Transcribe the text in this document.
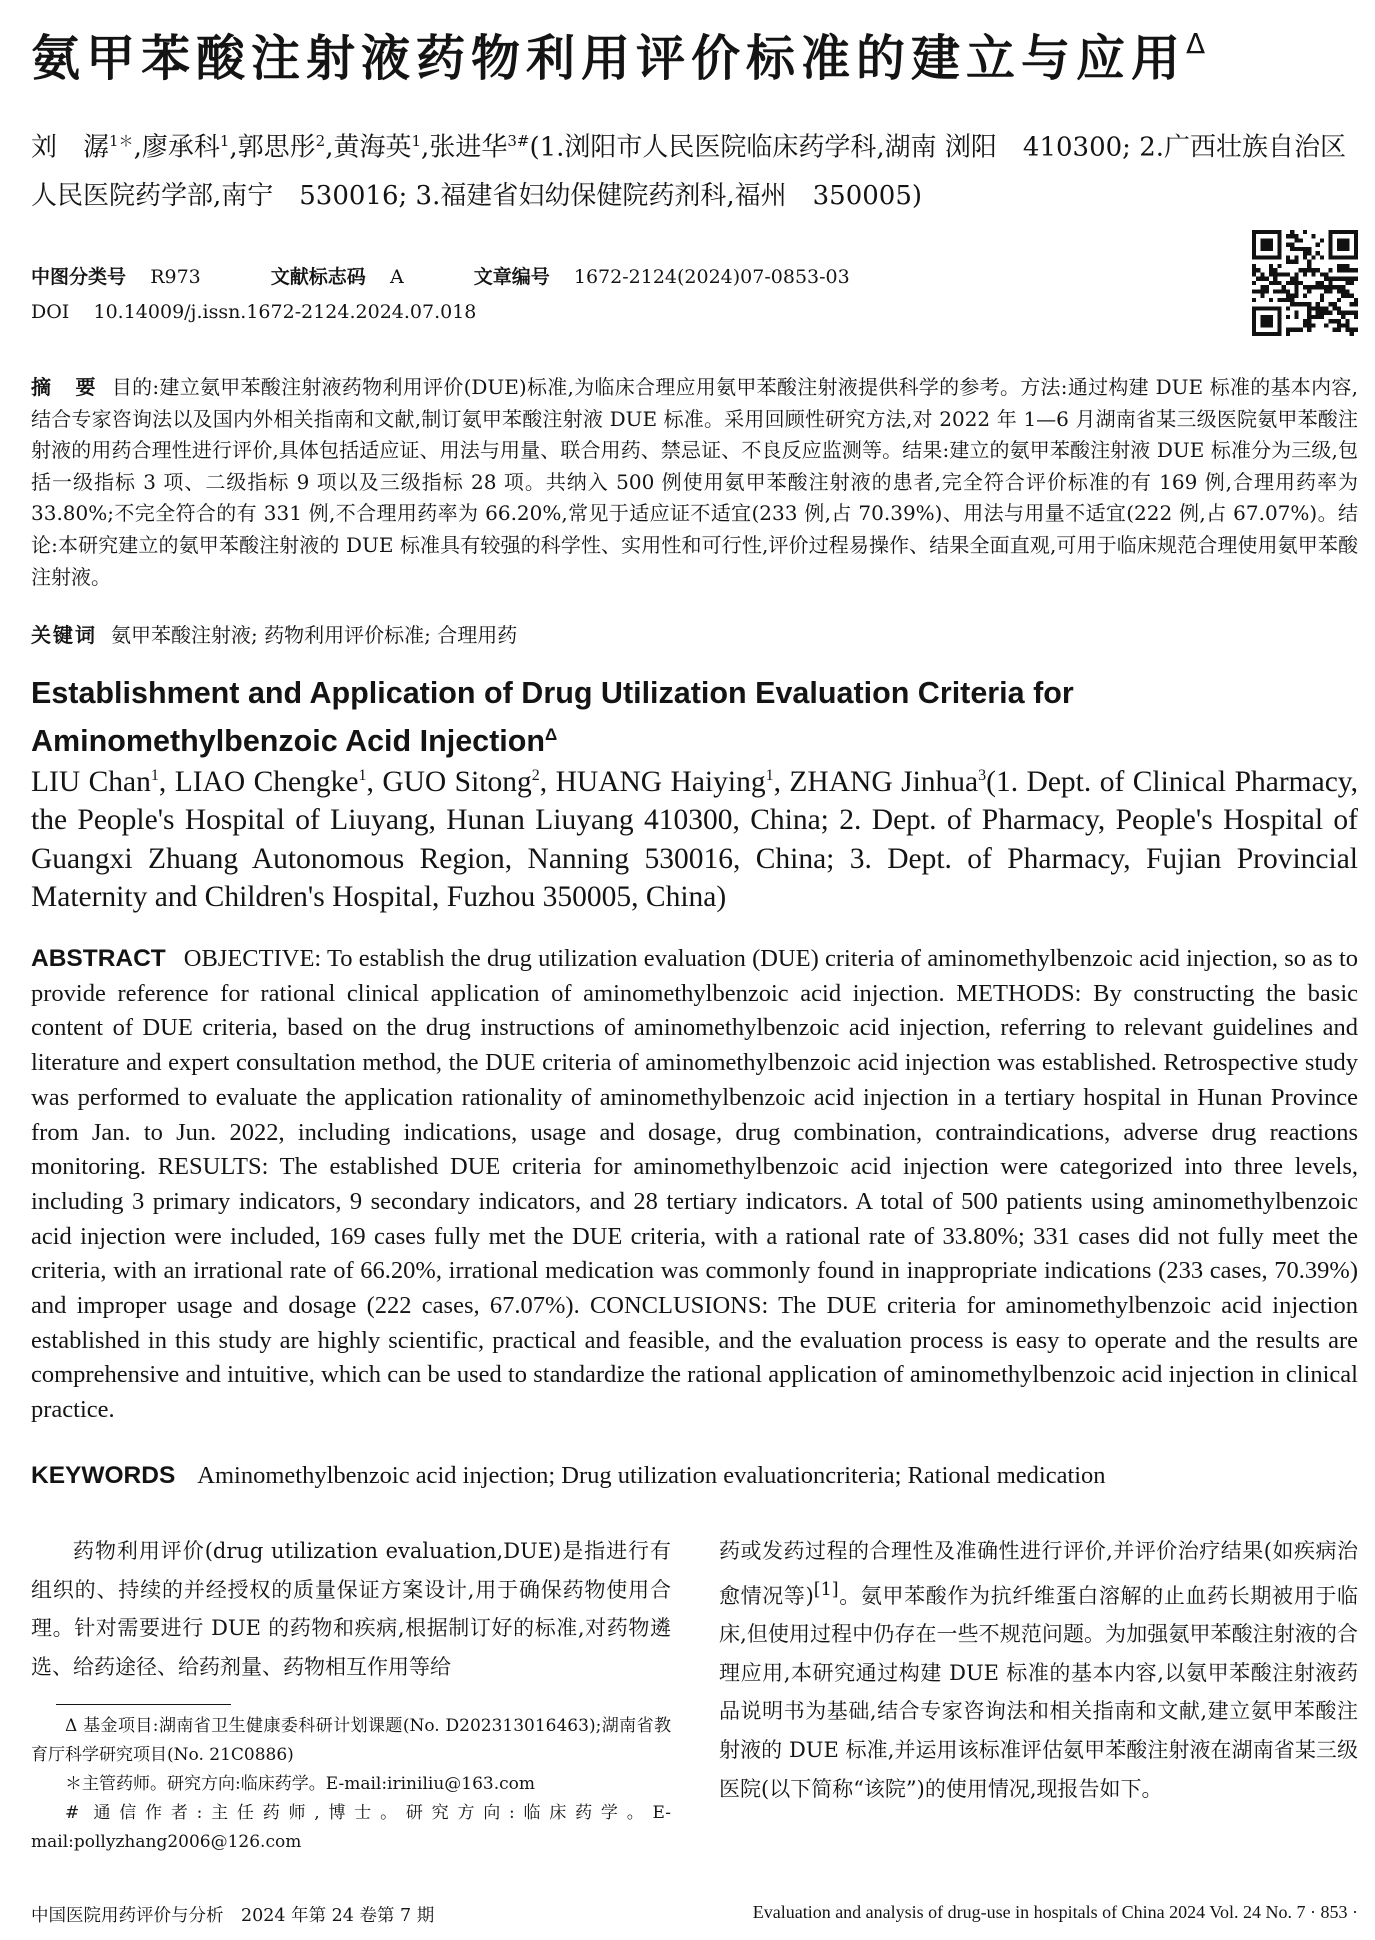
氨甲苯酸注射液药物利用评价标准的建立与应用$^\Delta$
刘　潺$^{1*}$,廖承科$^1$,郭思彤$^2$,黄海英$^1$,张进华$^{3\#}$(1.浏阳市人民医院临床药学科,湖南 浏阳　410300; 2.广西壮族自治区人民医院药学部,南宁　530016; 3.福建省妇幼保健院药剂科,福州　350005)
中图分类号 R973	文献标志码 A	文章编号 1672-2124(2024)07-0853-03
DOI 10.14009/j.issn.1672-2124.2024.07.018
摘　要 目的:建立氨甲苯酸注射液药物利用评价(DUE)标准,为临床合理应用氨甲苯酸注射液提供科学的参考。方法:通过构建 DUE 标准的基本内容,结合专家咨询法以及国内外相关指南和文献,制订氨甲苯酸注射液 DUE 标准。采用回顾性研究方法,对 2022 年 1—6 月湖南省某三级医院氨甲苯酸注射液的用药合理性进行评价,具体包括适应证、用法与用量、联合用药、禁忌证、不良反应监测等。结果:建立的氨甲苯酸注射液 DUE 标准分为三级,包括一级指标 3 项、二级指标 9 项以及三级指标 28 项。共纳入 500 例使用氨甲苯酸注射液的患者,完全符合评价标准的有 169 例,合理用药率为 33.80%;不完全符合的有 331 例,不合理用药率为 66.20%,常见于适应证不适宜(233 例,占 70.39%)、用法与用量不适宜(222 例,占 67.07%)。结论:本研究建立的氨甲苯酸注射液的 DUE 标准具有较强的科学性、实用性和可行性,评价过程易操作、结果全面直观,可用于临床规范合理使用氨甲苯酸注射液。
关键词 氨甲苯酸注射液; 药物利用评价标准; 合理用药
Establishment and Application of Drug Utilization Evaluation Criteria for Aminomethylbenzoic Acid Injection$^\Delta$
LIU Chan$^1$, LIAO Chengke$^1$, GUO Sitong$^2$, HUANG Haiying$^1$, ZHANG Jinhua$^3$(1. Dept. of Clinical Pharmacy, the People's Hospital of Liuyang, Hunan Liuyang 410300, China; 2. Dept. of Pharmacy, People's Hospital of Guangxi Zhuang Autonomous Region, Nanning 530016, China; 3. Dept. of Pharmacy, Fujian Provincial Maternity and Children's Hospital, Fuzhou 350005, China)
ABSTRACT OBJECTIVE: To establish the drug utilization evaluation (DUE) criteria of aminomethylbenzoic acid injection, so as to provide reference for rational clinical application of aminomethylbenzoic acid injection. METHODS: By constructing the basic content of DUE criteria, based on the drug instructions of aminomethylbenzoic acid injection, referring to relevant guidelines and literature and expert consultation method, the DUE criteria of aminomethylbenzoic acid injection was established. Retrospective study was performed to evaluate the application rationality of aminomethylbenzoic acid injection in a tertiary hospital in Hunan Province from Jan. to Jun. 2022, including indications, usage and dosage, drug combination, contraindications, adverse drug reactions monitoring. RESULTS: The established DUE criteria for aminomethylbenzoic acid injection were categorized into three levels, including 3 primary indicators, 9 secondary indicators, and 28 tertiary indicators. A total of 500 patients using aminomethylbenzoic acid injection were included, 169 cases fully met the DUE criteria, with a rational rate of 33.80%; 331 cases did not fully meet the criteria, with an irrational rate of 66.20%, irrational medication was commonly found in inappropriate indications (233 cases, 70.39%) and improper usage and dosage (222 cases, 67.07%). CONCLUSIONS: The DUE criteria for aminomethylbenzoic acid injection established in this study are highly scientific, practical and feasible, and the evaluation process is easy to operate and the results are comprehensive and intuitive, which can be used to standardize the rational application of aminomethylbenzoic acid injection in clinical practice.
KEYWORDS Aminomethylbenzoic acid injection; Drug utilization evaluationcriteria; Rational medication
药物利用评价(drug utilization evaluation,DUE)是指进行有组织的、持续的并经授权的质量保证方案设计,用于确保药物使用合理。针对需要进行 DUE 的药物和疾病,根据制订好的标准,对药物遴选、给药途径、给药剂量、药物相互作用等给
药或发药过程的合理性及准确性进行评价,并评价治疗结果(如疾病治愈情况等)[1]。氨甲苯酸作为抗纤维蛋白溶解的止血药长期被用于临床,但使用过程中仍存在一些不规范问题。为加强氨甲苯酸注射液的合理应用,本研究通过构建 DUE 标准的基本内容,以氨甲苯酸注射液药品说明书为基础,结合专家咨询法和相关指南和文献,建立氨甲苯酸注射液的 DUE 标准,并运用该标准评估氨甲苯酸注射液在湖南省某三级医院(以下简称“该院”)的使用情况,现报告如下。
Δ 基金项目:湖南省卫生健康委科研计划课题(No. D202313016463);湖南省教育厅科学研究项目(No. 21C0886)
＊主管药师。研究方向:临床药学。E-mail:iriniliu@163.com
# 通信作者:主任药师,博士。研究方向:临床药学。E-mail:pollyzhang2006@126.com
中国医院用药评价与分析　2024 年第 24 卷第 7 期	Evaluation and analysis of drug-use in hospitals of China 2024 Vol. 24 No. 7 · 853 ·
